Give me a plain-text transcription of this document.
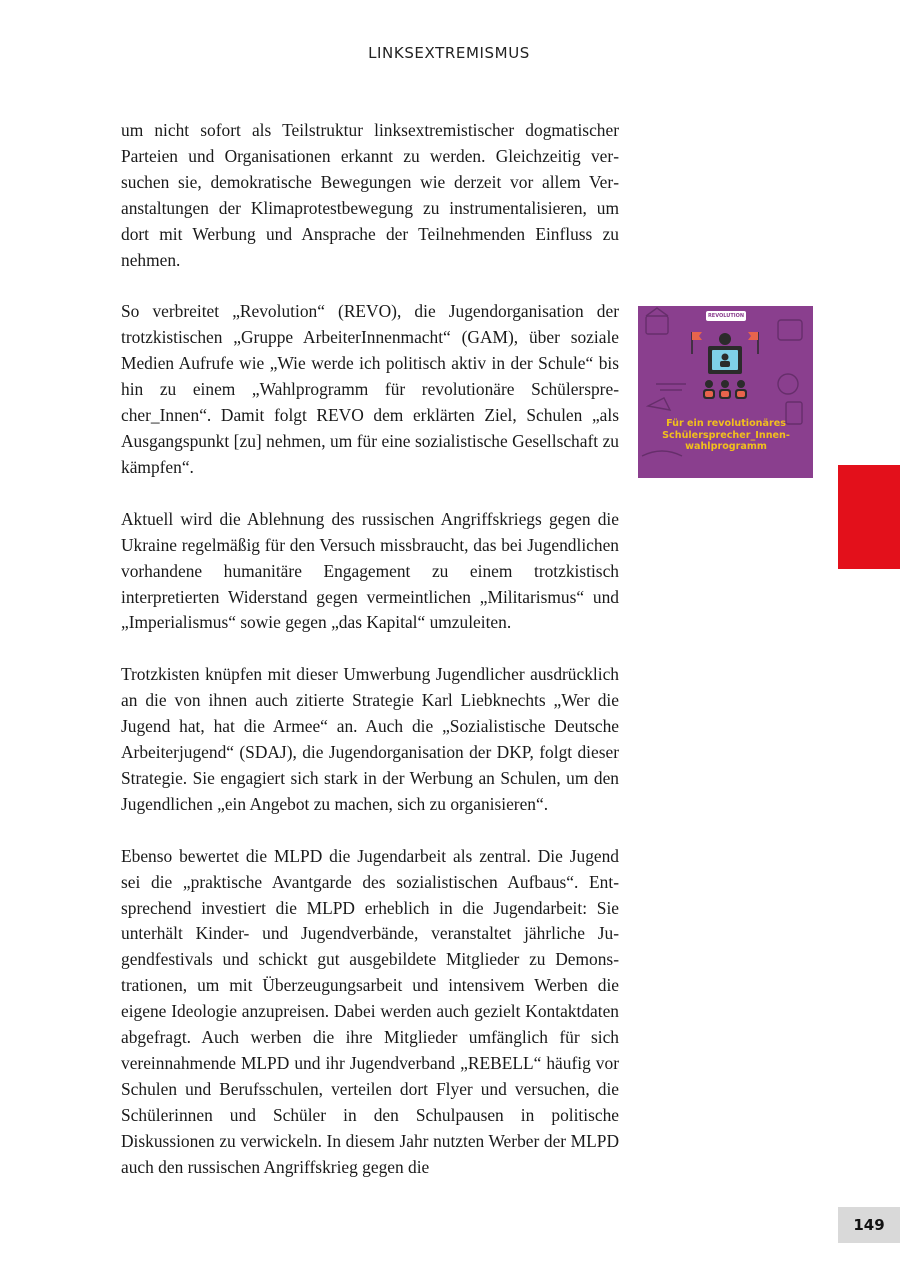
LINKSEXTREMISMUS

um nicht sofort als Teilstruktur linksextremistischer dogmatischer Parteien und Organisationen erkannt zu werden. Gleichzeitig versuchen sie, demokratische Bewegungen wie derzeit vor allem Veranstaltungen der Klimaprotestbewegung zu instrumentalisieren, um dort mit Werbung und Ansprache der Teilnehmenden Einfluss zu nehmen.

So verbreitet „Revolution“ (REVO), die Jugendorganisation der trotzkistischen „Gruppe ArbeiterInnenmacht“ (GAM), über soziale Medien Aufrufe wie „Wie werde ich politisch aktiv in der Schule“ bis hin zu einem „Wahlprogramm für revolutionäre Schülersprecher_Innen“. Damit folgt REVO dem erklärten Ziel, Schulen „als Ausgangspunkt [zu] nehmen, um für eine sozialistische Gesellschaft zu kämpfen“.

Aktuell wird die Ablehnung des russischen Angriffskriegs gegen die Ukraine regelmäßig für den Versuch missbraucht, das bei Jugendlichen vorhandene humanitäre Engagement zu einem trotzkistisch interpretierten Widerstand gegen vermeintlichen „Militarismus“ und „Imperialismus“ sowie gegen „das Kapital“ umzuleiten.

Trotzkisten knüpfen mit dieser Umwerbung Jugendlicher ausdrücklich an die von ihnen auch zitierte Strategie Karl Liebknechts „Wer die Jugend hat, hat die Armee“ an. Auch die „Sozialistische Deutsche Arbeiterjugend“ (SDAJ), die Jugendorganisation der DKP, folgt dieser Strategie. Sie engagiert sich stark in der Werbung an Schulen, um den Jugendlichen „ein Angebot zu machen, sich zu organisieren“.

Ebenso bewertet die MLPD die Jugendarbeit als zentral. Die Jugend sei die „praktische Avantgarde des sozialistischen Aufbaus“. Entsprechend investiert die MLPD erheblich in die Jugendarbeit: Sie unterhält Kinder- und Jugendverbände, veranstaltet jährliche Jugendfestivals und schickt gut ausgebildete Mitglieder zu Demonstrationen, um mit Überzeugungsarbeit und intensivem Werben die eigene Ideologie anzupreisen. Dabei werden auch gezielt Kontaktdaten abgefragt. Auch werben die ihre Mitglieder umfänglich für sich vereinnahmende MLPD und ihr Jugendverband „REBELL“ häufig vor Schulen und Berufsschulen, verteilen dort Flyer und versuchen, die Schülerinnen und Schüler in den Schulpausen in politische Diskussionen zu verwickeln. In diesem Jahr nutzten Werber der MLPD auch den russischen Angriffskrieg gegen die

REVOLUTION
Für ein revolutionäres Schülersprecher_Innen-wahlprogramm
149
